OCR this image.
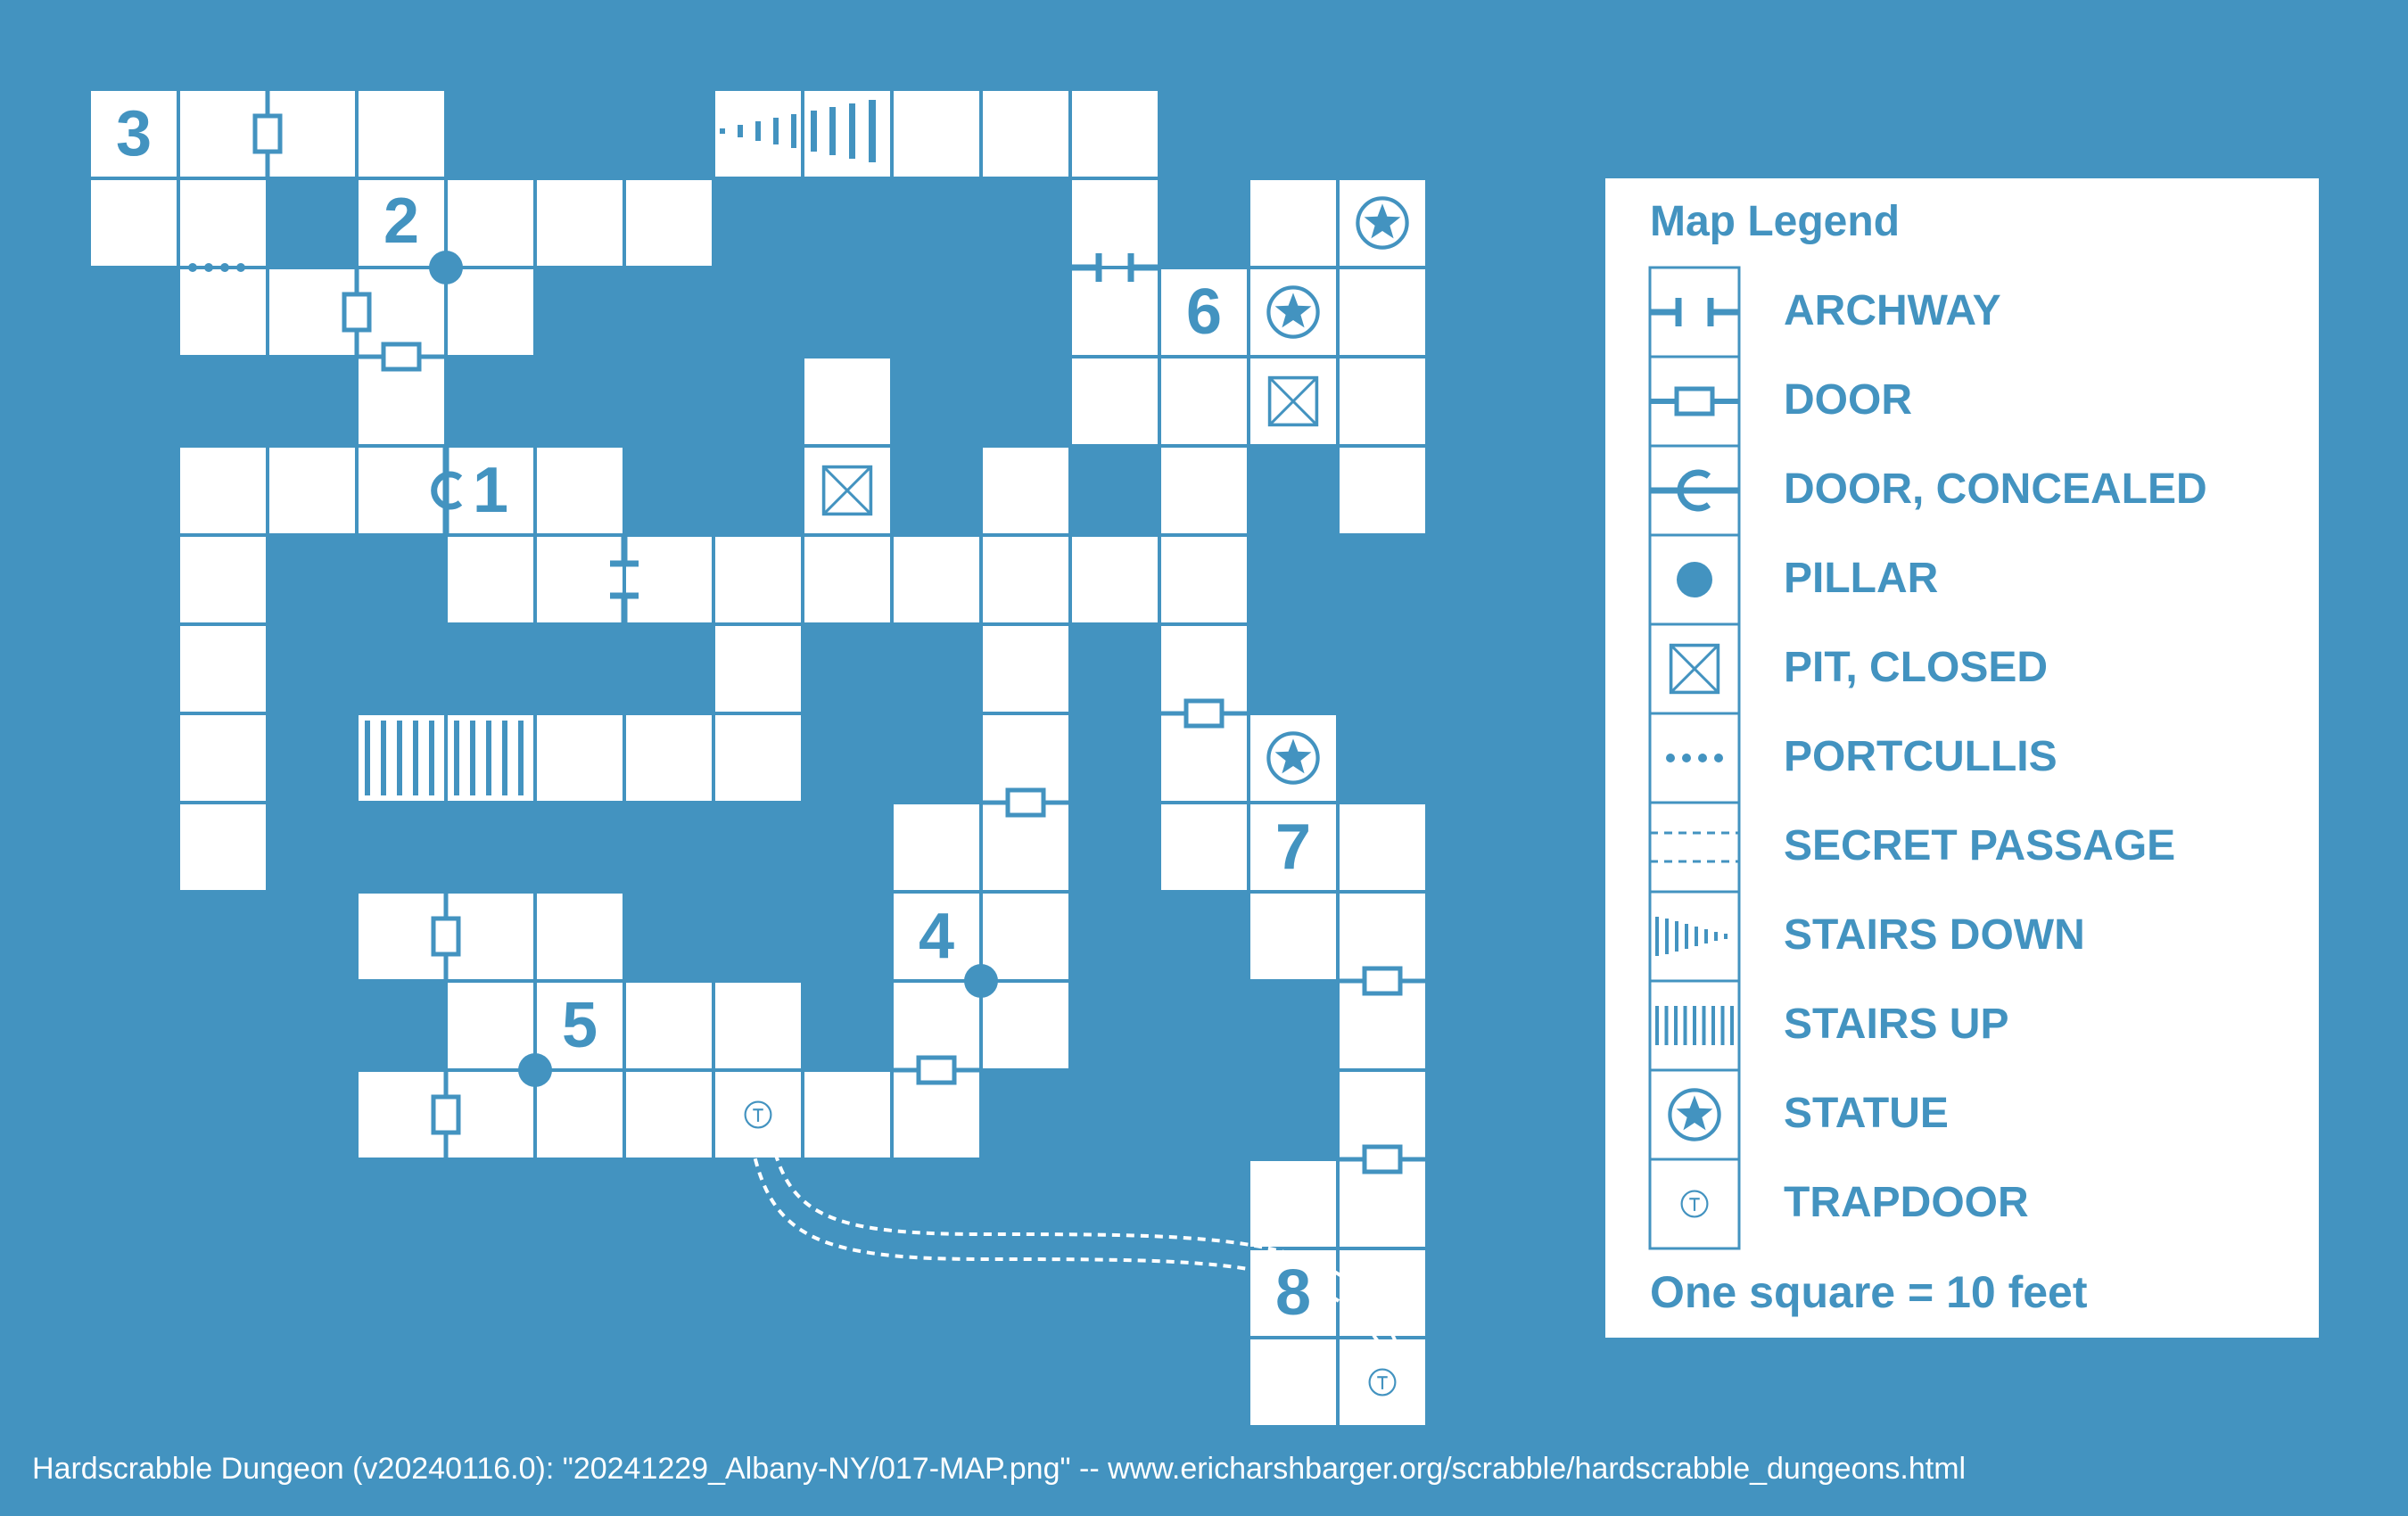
3
2
1
6
4
7
5
8
Map Legend
ARCHWAY
DOOR
DOOR, CONCEALED
PILLAR
PIT, CLOSED
PORTCULLIS
SECRET PASSAGE
STAIRS DOWN
STAIRS UP
STATUE
TRAPDOOR
One square = 10 feet
Hardscrabble Dungeon (v20240116.0): "20241229_Albany-NY/017-MAP.png" -- www.ericharshbarger.org/scrabble/hardscrabble_dungeons.html
